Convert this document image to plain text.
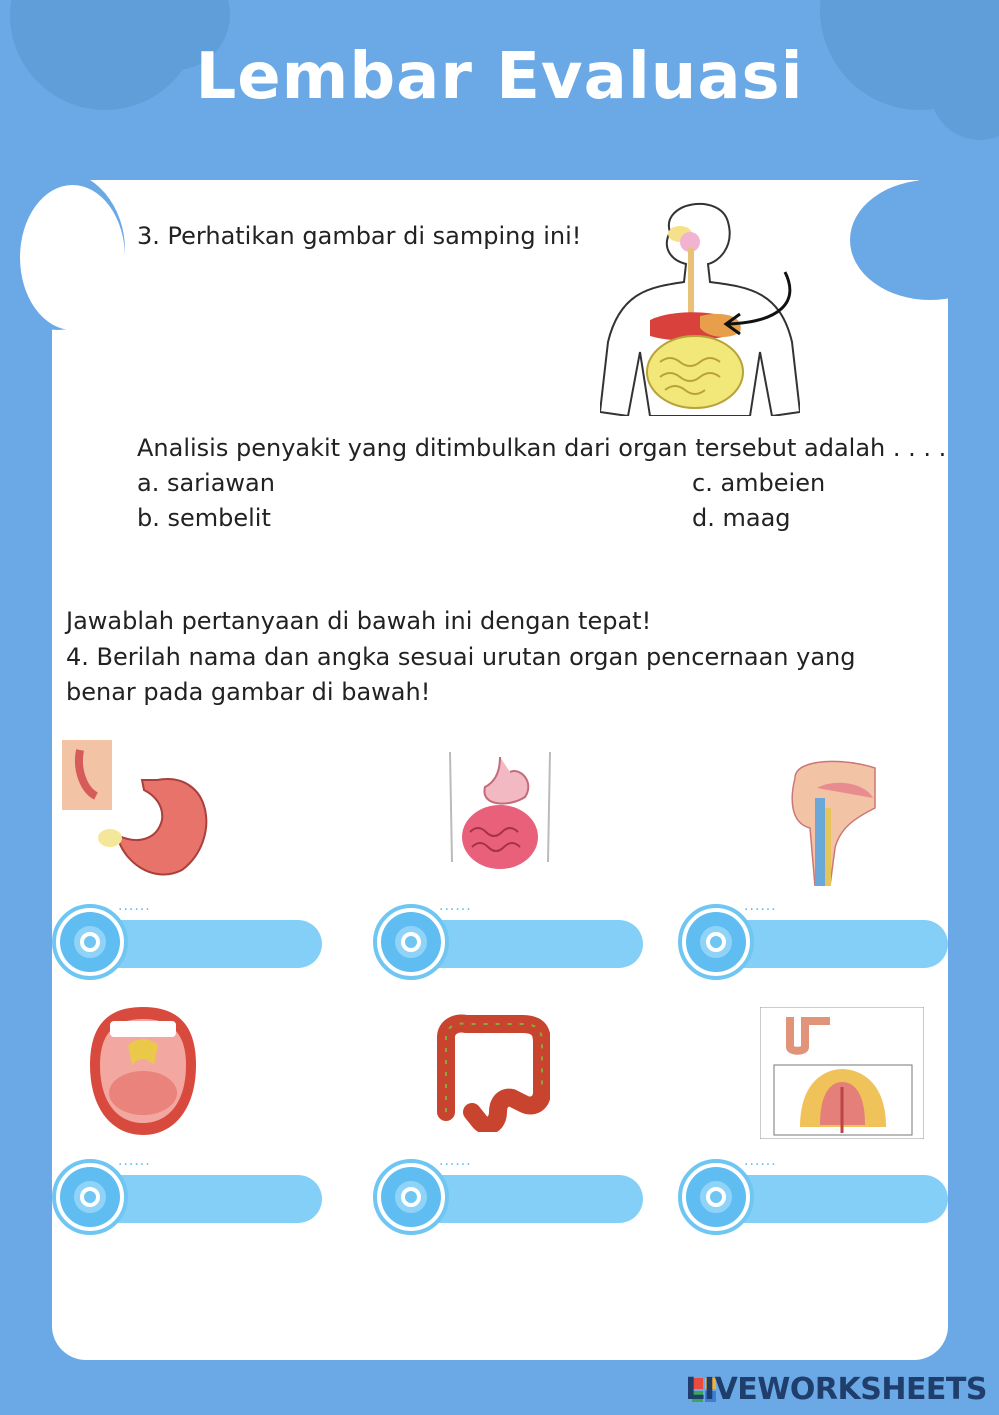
Lembar Evaluasi
3. Perhatikan gambar di samping ini!
Analisis penyakit yang ditimbulkan dari organ tersebut adalah . . . .
a. sariawan
b. sembelit
c. ambeien
d. maag
Jawablah pertanyaan di bawah ini dengan tepat!
4. Berilah nama dan angka sesuai urutan organ pencernaan yang
benar pada gambar di bawah!
......	......	......
......	......	......
LIVEWORKSHEETS
